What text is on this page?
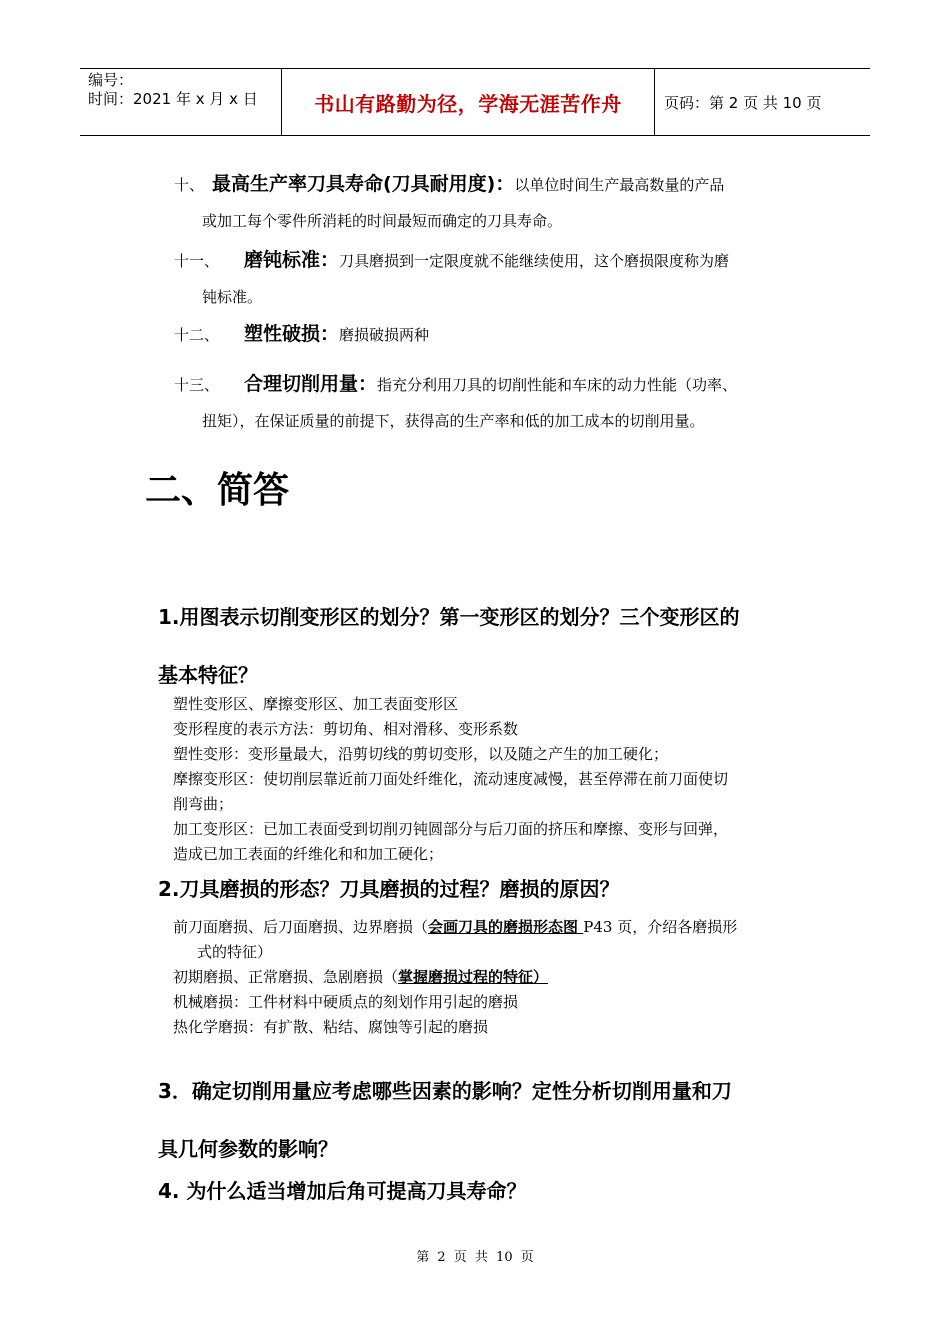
编号：
时间：2021 年 x 月 x 日	书山有路勤为径，学海无涯苦作舟	页码：第 2 页 共 10 页
十、 最高生产率刀具寿命(刀具耐用度)：以单位时间生产最高数量的产品
或加工每个零件所消耗的时间最短而确定的刀具寿命。
十一、 磨钝标准：刀具磨损到一定限度就不能继续使用，这个磨损限度称为磨
钝标准。
十二、 塑性破损：磨损破损两种
十三、 合理切削用量：指充分利用刀具的切削性能和车床的动力性能（功率、
扭矩），在保证质量的前提下，获得高的生产率和低的加工成本的切削用量。
二、简答
1.用图表示切削变形区的划分？第一变形区的划分？三个变形区的
基本特征？
塑性变形区、摩擦变形区、加工表面变形区
变形程度的表示方法：剪切角、相对滑移、变形系数
塑性变形：变形量最大，沿剪切线的剪切变形，以及随之产生的加工硬化；
摩擦变形区：使切削层靠近前刀面处纤维化，流动速度减慢，甚至停滞在前刀面使切
削弯曲；
加工变形区：已加工表面受到切削刃钝圆部分与后刀面的挤压和摩擦、变形与回弹，
造成已加工表面的纤维化和和加工硬化；
2.刀具磨损的形态？刀具磨损的过程？磨损的原因？
前刀面磨损、后刀面磨损、边界磨损（会画刀具的磨损形态图 P43 页，介绍各磨损形
式的特征）
初期磨损、正常磨损、急剧磨损（掌握磨损过程的特征）
机械磨损：工件材料中硬质点的刻划作用引起的磨损
热化学磨损：有扩散、粘结、腐蚀等引起的磨损
3．确定切削用量应考虑哪些因素的影响？定性分析切削用量和刀
具几何参数的影响？
4. 为什么适当增加后角可提高刀具寿命？
第 2 页 共 10 页
